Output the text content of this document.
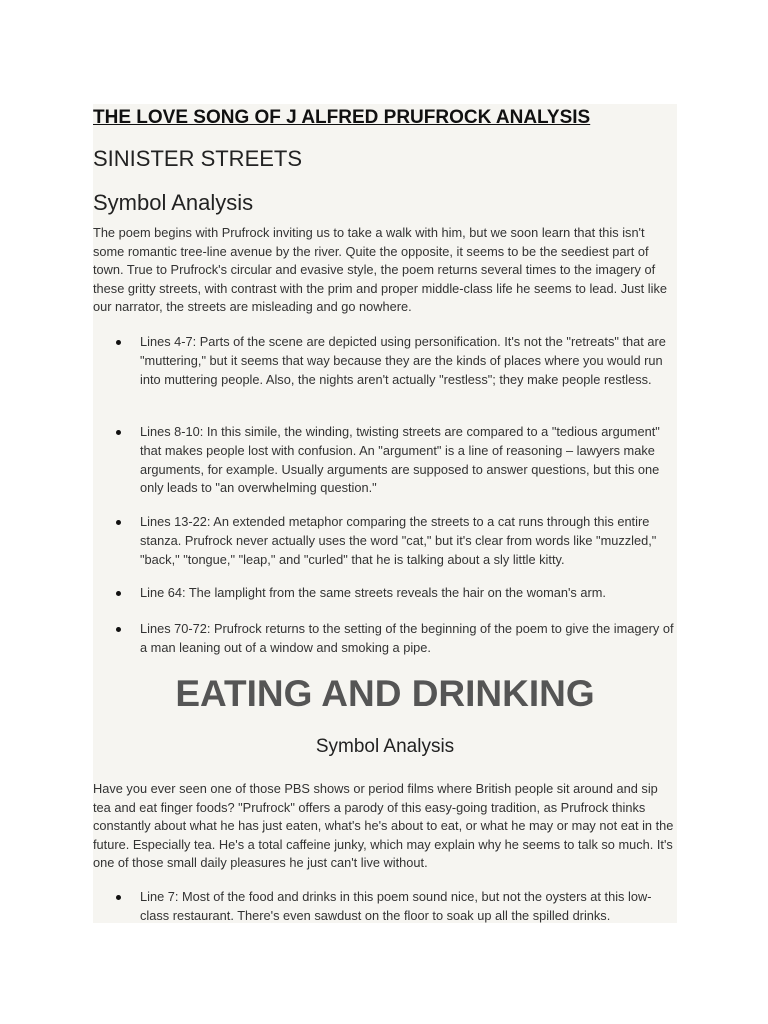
THE LOVE SONG OF J ALFRED PRUFROCK ANALYSIS
SINISTER STREETS
Symbol Analysis

The poem begins with Prufrock inviting us to take a walk with him, but we soon learn that this isn't some romantic tree-line avenue by the river. Quite the opposite, it seems to be the seediest part of town. True to Prufrock's circular and evasive style, the poem returns several times to the imagery of these gritty streets, with contrast with the prim and proper middle-class life he seems to lead. Just like our narrator, the streets are misleading and go nowhere.

Lines 4-7: Parts of the scene are depicted using personification. It's not the "retreats" that are "muttering," but it seems that way because they are the kinds of places where you would run into muttering people. Also, the nights aren't actually "restless"; they make people restless.
Lines 8-10: In this simile, the winding, twisting streets are compared to a "tedious argument" that makes people lost with confusion. An "argument" is a line of reasoning – lawyers make arguments, for example. Usually arguments are supposed to answer questions, but this one only leads to "an overwhelming question."
Lines 13-22: An extended metaphor comparing the streets to a cat runs through this entire stanza. Prufrock never actually uses the word "cat," but it's clear from words like "muzzled," "back," "tongue," "leap," and "curled" that he is talking about a sly little kitty.
Line 64: The lamplight from the same streets reveals the hair on the woman's arm.
Lines 70-72: Prufrock returns to the setting of the beginning of the poem to give the imagery of a man leaning out of a window and smoking a pipe.
EATING AND DRINKING
Symbol Analysis

Have you ever seen one of those PBS shows or period films where British people sit around and sip tea and eat finger foods? "Prufrock" offers a parody of this easy-going tradition, as Prufrock thinks constantly about what he has just eaten, what's he's about to eat, or what he may or may not eat in the future. Especially tea. He's a total caffeine junky, which may explain why he seems to talk so much. It's one of those small daily pleasures he just can't live without.

Line 7: Most of the food and drinks in this poem sound nice, but not the oysters at this low-class restaurant. There's even sawdust on the floor to soak up all the spilled drinks.
